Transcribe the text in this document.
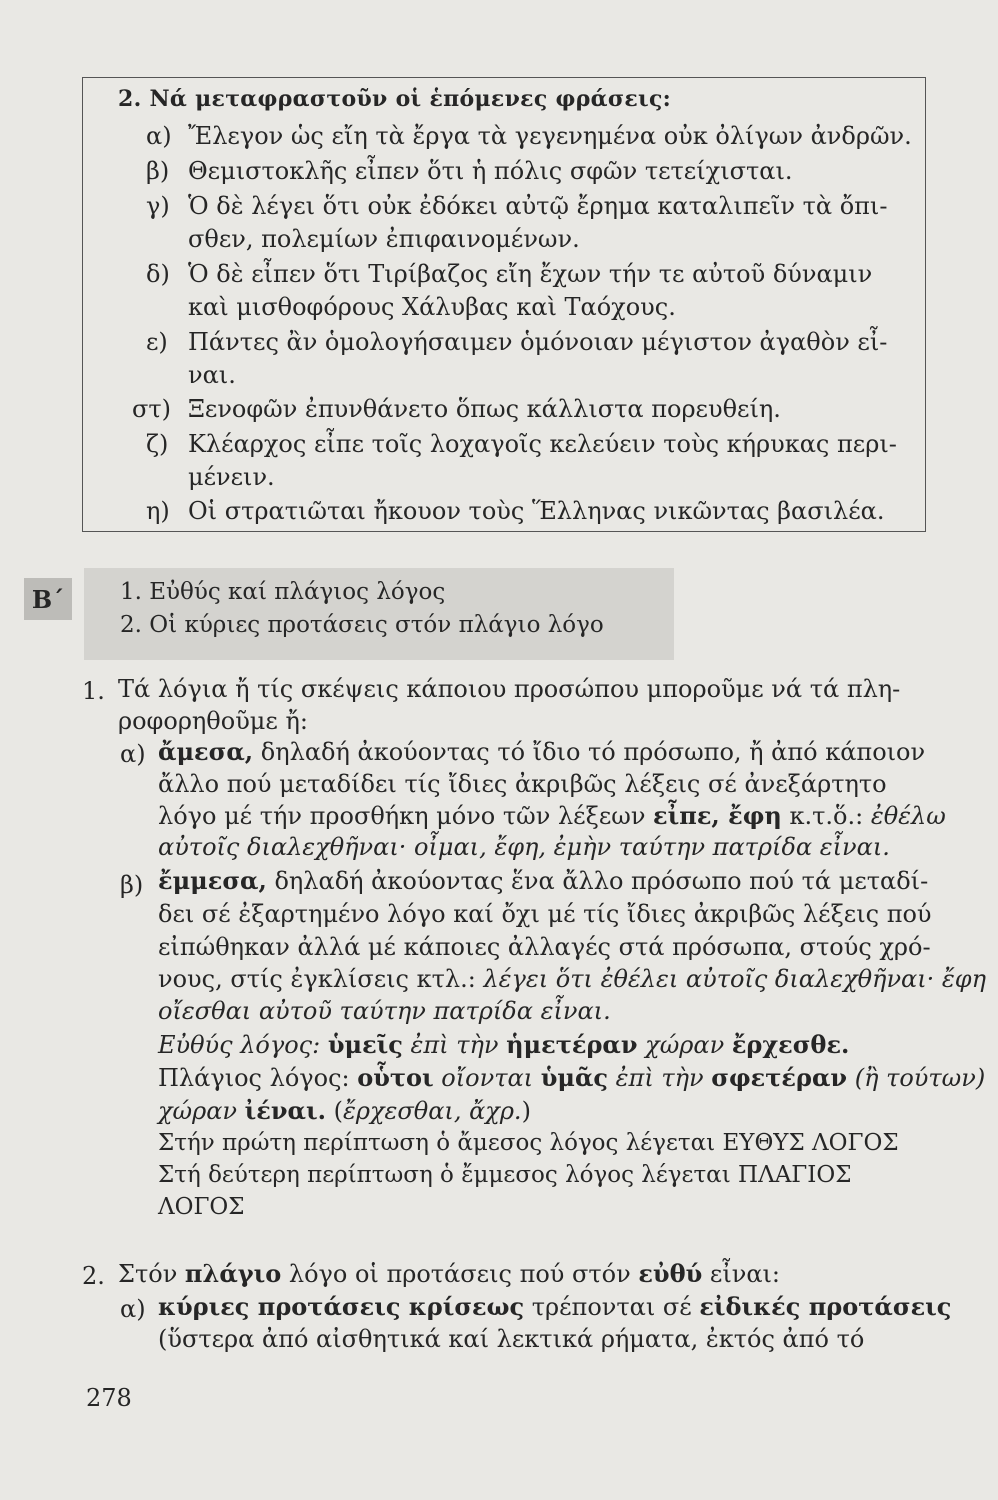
2. Νά μεταφραστοῦν οἱ ἑπόμενες φράσεις:
α) Ἔλεγον ὡς εἴη τὰ ἔργα τὰ γεγενημένα οὐκ ὀλίγων ἀνδρῶν.
β) Θεμιστοκλῆς εἶπεν ὅτι ἡ πόλις σφῶν τετείχισται.
γ) Ὁ δὲ λέγει ὅτι οὐκ ἐδόκει αὐτῷ ἔρημα καταλιπεῖν τὰ ὄπι-
σθεν, πολεμίων ἐπιφαινομένων.
δ) Ὁ δὲ εἶπεν ὅτι Τιρίβαζος εἴη ἔχων τήν τε αὐτοῦ δύναμιν
καὶ μισθοφόρους Χάλυβας καὶ Ταόχους.
ε) Πάντες ἂν ὁμολογήσαιμεν ὁμόνοιαν μέγιστον ἀγαθὸν εἶ-
ναι.
στ) Ξενοφῶν ἐπυνθάνετο ὅπως κάλλιστα πορευθείη.
ζ) Κλέαρχος εἶπε τοῖς λοχαγοῖς κελεύειν τοὺς κήρυκας περι-
μένειν.
η) Οἱ στρατιῶται ἤκουον τοὺς Ἕλληνας νικῶντας βασιλέα.
Β΄	1. Εὐθύς καί πλάγιος λόγος
2. Οἱ κύριες προτάσεις στόν πλάγιο λόγο
1. Τά λόγια ἤ τίς σκέψεις κάποιου προσώπου μποροῦμε νά τά πλη-
ροφορηθοῦμε ἤ:
α) ἄμεσα, δηλαδή ἀκούοντας τό ἴδιο τό πρόσωπο, ἤ ἀπό κάποιον
ἄλλο πού μεταδίδει τίς ἴδιες ἀκριβῶς λέξεις σέ ἀνεξάρτητο
λόγο μέ τήν προσθήκη μόνο τῶν λέξεων εἶπε, ἔφη κ.τ.ὅ.: ἐθέλω
αὐτοῖς διαλεχθῆναι· οἶμαι, ἔφη, ἐμὴν ταύτην πατρίδα εἶναι.
β) ἔμμεσα, δηλαδή ἀκούοντας ἕνα ἄλλο πρόσωπο πού τά μεταδί-
δει σέ ἐξαρτημένο λόγο καί ὄχι μέ τίς ἴδιες ἀκριβῶς λέξεις πού
εἰπώθηκαν ἀλλά μέ κάποιες ἀλλαγές στά πρόσωπα, στούς χρό-
νους, στίς ἐγκλίσεις κτλ.: λέγει ὅτι ἐθέλει αὐτοῖς διαλεχθῆναι· ἔφη
οἴεσθαι αὐτοῦ ταύτην πατρίδα εἶναι.
Εὐθύς λόγος: ὑμεῖς ἐπὶ τὴν ἡμετέραν χώραν ἔρχεσθε.
Πλάγιος λόγος: οὗτοι οἴονται ὑμᾶς ἐπὶ τὴν σφετέραν (ἢ τούτων)
χώραν ἰέναι. (ἔρχεσθαι, ἄχρ.)
Στήν πρώτη περίπτωση ὁ ἄμεσος λόγος λέγεται ΕΥΘΥΣ ΛΟΓΟΣ
Στή δεύτερη περίπτωση ὁ ἔμμεσος λόγος λέγεται ΠΛΑΓΙΟΣ
ΛΟΓΟΣ
2. Στόν πλάγιο λόγο οἱ προτάσεις πού στόν εὐθύ εἶναι:
α) κύριες προτάσεις κρίσεως τρέπονται σέ εἰδικές προτάσεις
(ὕστερα ἀπό αἰσθητικά καί λεκτικά ρήματα, ἐκτός ἀπό τό
278
